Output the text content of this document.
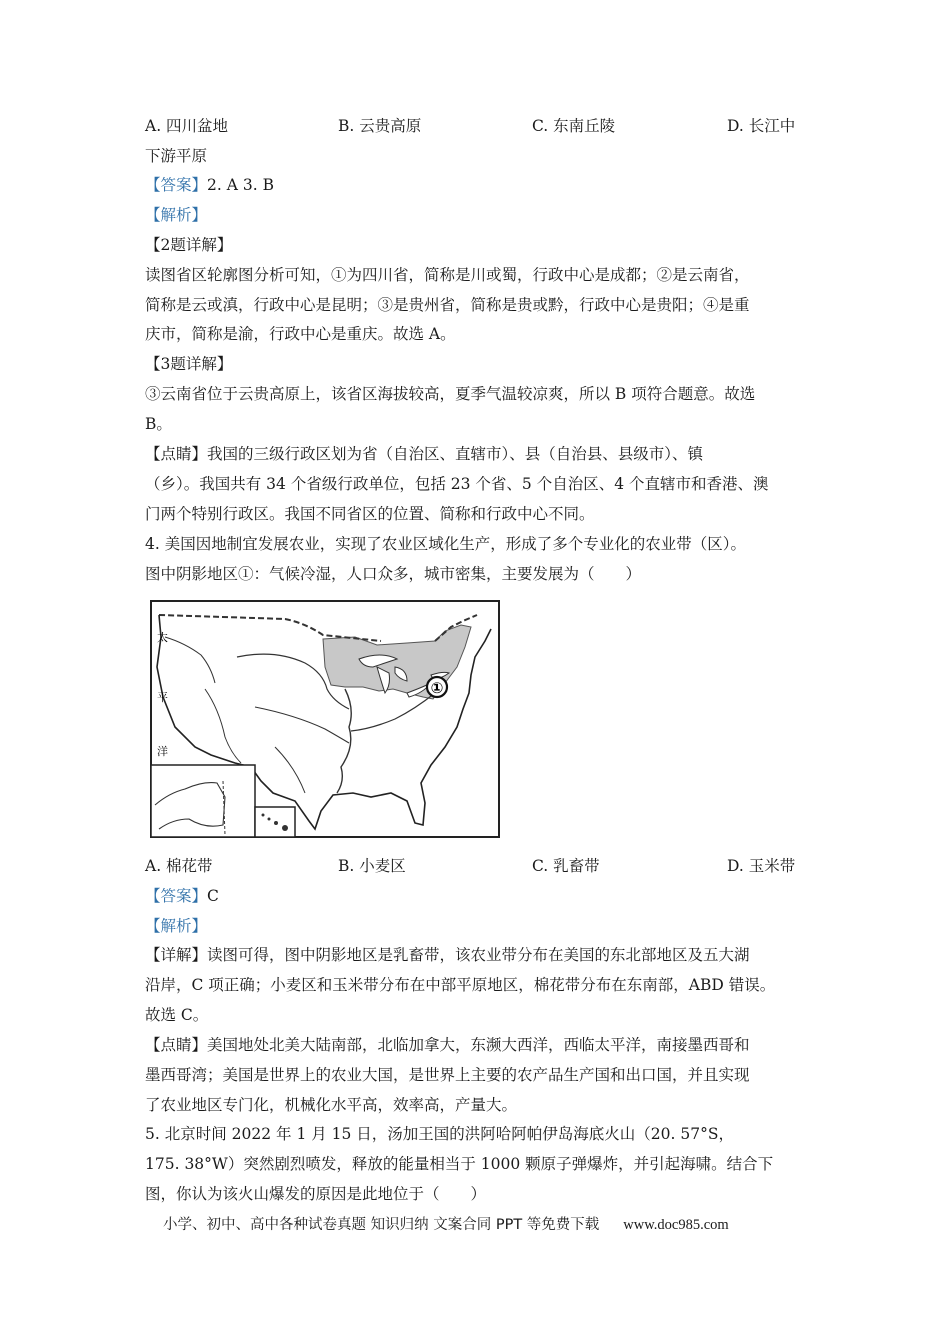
A. 四川盆地	B. 云贵高原	C. 东南丘陵	D. 长江中
下游平原
【答案】2. A 3. B
【解析】
【2题详解】
读图省区轮廓图分析可知，①为四川省，简称是川或蜀，行政中心是成都；②是云南省，
简称是云或滇，行政中心是昆明；③是贵州省，简称是贵或黔，行政中心是贵阳；④是重
庆市，简称是渝，行政中心是重庆。故选 A。
【3题详解】
③云南省位于云贵高原上，该省区海拔较高，夏季气温较凉爽，所以 B 项符合题意。故选
B。
【点睛】我国的三级行政区划为省（自治区、直辖市）、县（自治县、县级市）、镇
（乡）。我国共有 34 个省级行政单位，包括 23 个省、5 个自治区、4 个直辖市和香港、澳
门两个特别行政区。我国不同省区的位置、简称和行政中心不同。
4. 美国因地制宜发展农业，实现了农业区域化生产，形成了多个专业化的农业带（区）。
图中阴影地区①：气候冷湿，人口众多，城市密集，主要发展为（　　）
太
平
洋
①
A. 棉花带	B. 小麦区	C. 乳畜带	D. 玉米带
【答案】C
【解析】
【详解】读图可得，图中阴影地区是乳畜带，该农业带分布在美国的东北部地区及五大湖
沿岸，C 项正确；小麦区和玉米带分布在中部平原地区，棉花带分布在东南部，ABD 错误。
故选 C。
【点睛】美国地处北美大陆南部，北临加拿大，东濒大西洋，西临太平洋，南接墨西哥和
墨西哥湾；美国是世界上的农业大国，是世界上主要的农产品生产国和出口国，并且实现
了农业地区专门化，机械化水平高，效率高，产量大。
5. 北京时间 2022 年 1 月 15 日，汤加王国的洪阿哈阿帕伊岛海底火山（20. 57°S，
175. 38°W）突然剧烈喷发，释放的能量相当于 1000 颗原子弹爆炸，并引起海啸。结合下
图，你认为该火山爆发的原因是此地位于（　　）
小学、初中、高中各种试卷真题 知识归纳 文案合同 PPT 等免费下载 www.doc985.com
